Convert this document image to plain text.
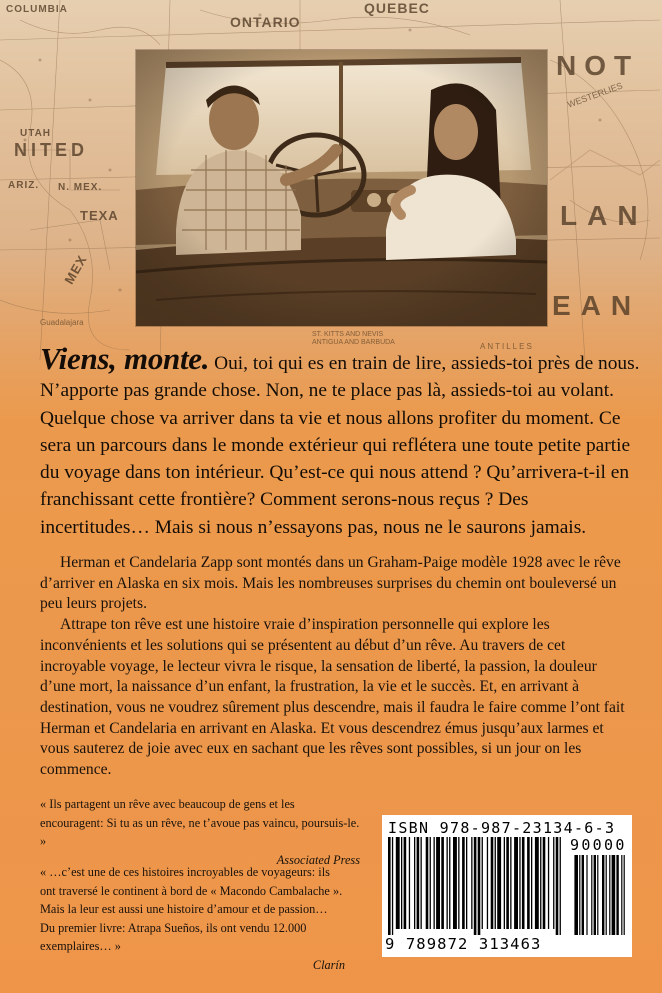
ONTARIO
QUEBEC
COLUMBIA
UTAH
ARIZ. N. MEX.
TEXA
MEX
NITED
NOT
LAN
EAN
WESTERLIES
ST. KITTS AND NEVIS
ANTIGUA AND BARBUDA	ANTILLES
Guadalajara
Viens, monte. Oui, toi qui es en train de lire, assieds-toi près de nous. N’apporte pas grande chose. Non, ne te place pas là, assieds-toi au volant. Quelque chose va arriver dans ta vie et nous allons profiter du moment. Ce sera un parcours dans le monde extérieur qui reflétera une toute petite partie du voyage dans ton intérieur. Qu’est-ce qui nous attend ? Qu’arrivera-t-il en franchissant cette frontière? Comment serons-nous reçus ? Des incertitudes… Mais si nous n’essayons pas, nous ne le saurons jamais.

Herman et Candelaria Zapp sont montés dans un Graham-Paige modèle 1928 avec le rêve d’arriver en Alaska en six mois. Mais les nombreuses surprises du chemin ont bouleversé un peu leurs projets.

Attrape ton rêve est une histoire vraie d’inspiration personnelle qui explore les inconvénients et les solutions qui se présentent au début d’un rêve. Au travers de cet incroyable voyage, le lecteur vivra le risque, la sensation de liberté, la passion, la douleur d’une mort, la naissance d’un enfant, la frustration, la vie et le succès. Et, en arrivant à destination, vous ne voudrez sûrement plus descendre, mais il faudra le faire comme l’ont fait Herman et Candelaria en arrivant en Alaska. Et vous descendrez émus jusqu’aux larmes et vous sauterez de joie avec eux en sachant que les rêves sont possibles, si un jour on les commence.

« Ils partagent un rêve avec beaucoup de gens et les encouragent: Si tu as un rêve, ne t’avoue pas vaincu, poursuis-le. »
Associated Press
« …c’est une de ces histoires incroyables de voyageurs: ils ont traversé le continent à bord de « Macondo Cambalache ». Mais la leur est aussi une histoire d’amour et de passion… Du premier livre: Atrapa Sueños, ils ont vendu 12.000 exemplaires… »
Clarín
ISBN 978-987-23134-6-3
90000
9 789872 313463
